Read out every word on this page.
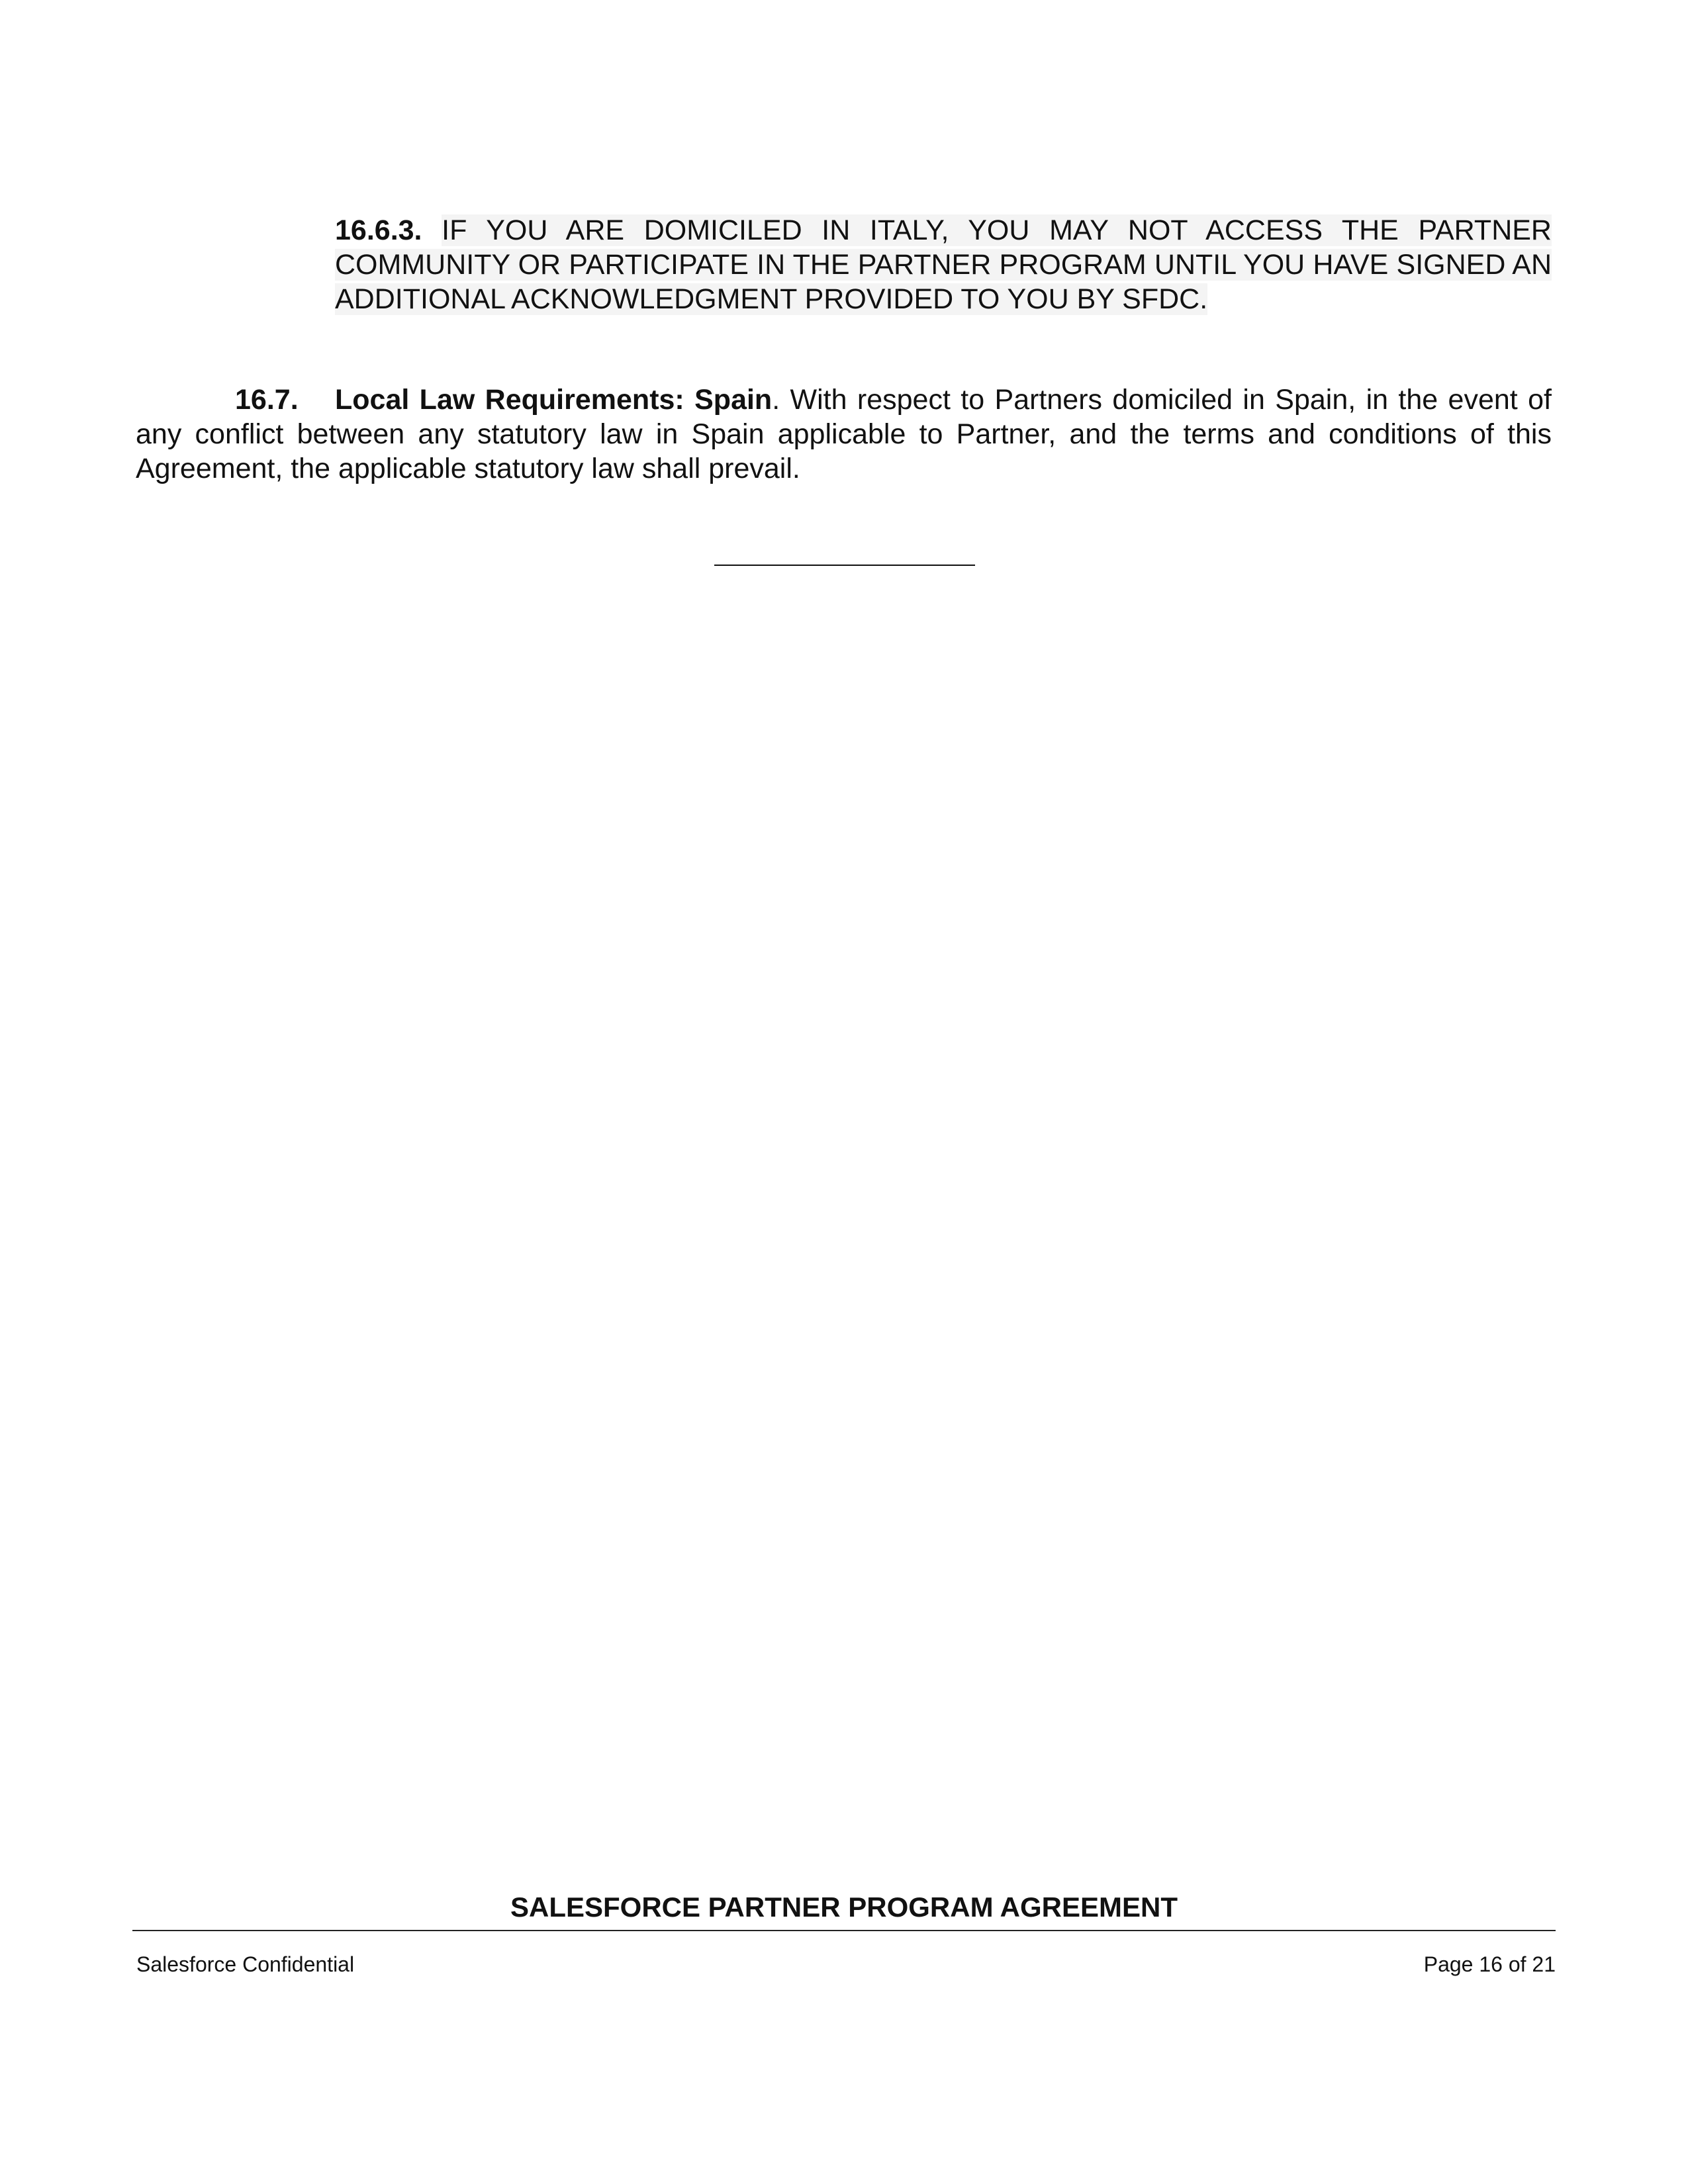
16.6.3. IF YOU ARE DOMICILED IN ITALY, YOU MAY NOT ACCESS THE PARTNER COMMUNITY OR PARTICIPATE IN THE PARTNER PROGRAM UNTIL YOU HAVE SIGNED AN ADDITIONAL ACKNOWLEDGMENT PROVIDED TO YOU BY SFDC.
16.7. Local Law Requirements: Spain. With respect to Partners domiciled in Spain, in the event of any conflict between any statutory law in Spain applicable to Partner, and the terms and conditions of this Agreement, the applicable statutory law shall prevail.
SALESFORCE PARTNER PROGRAM AGREEMENT
Salesforce Confidential	Page 16 of 21
